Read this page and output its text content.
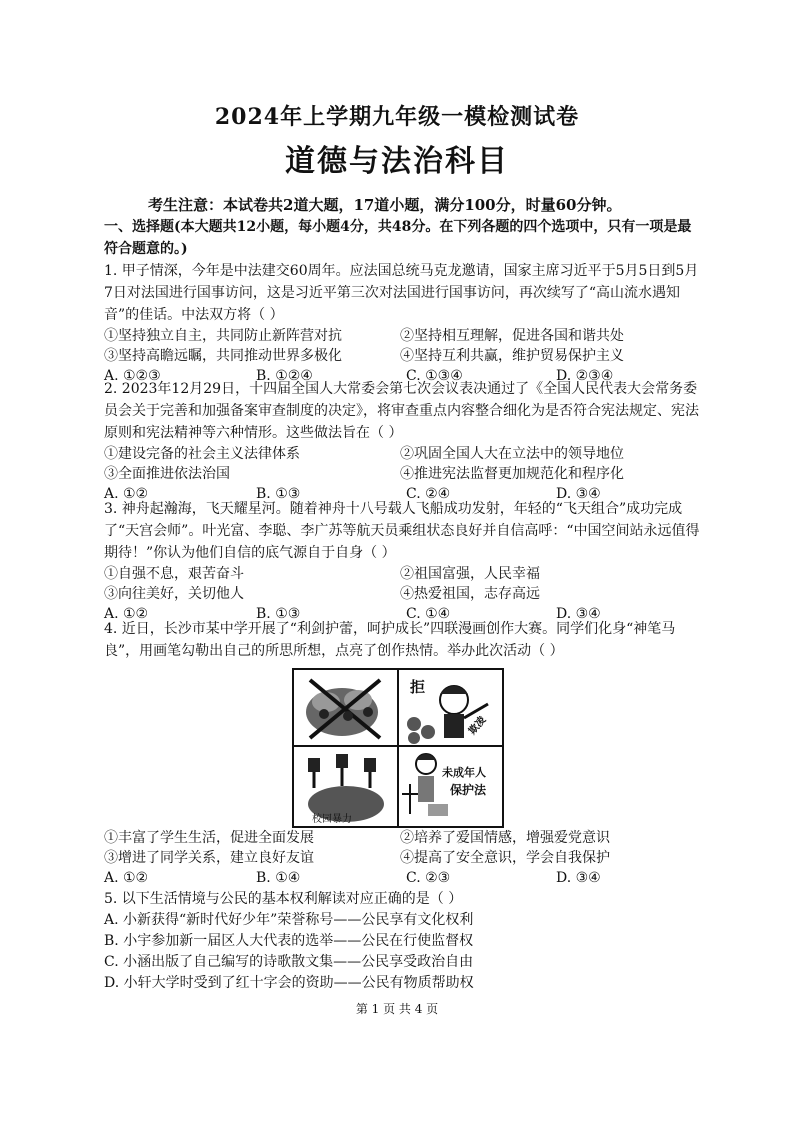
2024年上学期九年级一模检测试卷
道德与法治科目
考生注意：本试卷共2道大题，17道小题，满分100分，时量60分钟。
一、选择题(本大题共12小题，每小题4分，共48分。在下列各题的四个选项中，只有一项是最符合题意的。)
1. 甲子情深，今年是中法建交60周年。应法国总统马克龙邀请，国家主席习近平于5月5日到5月7日对法国进行国事访问，这是习近平第三次对法国进行国事访问，再次续写了“高山流水遇知音”的佳话。中法双方将（ ）
①坚持独立自主，共同防止新阵营对抗	②坚持相互理解，促进各国和谐共处
③坚持高瞻远瞩，共同推动世界多极化	④坚持互利共赢，维护贸易保护主义
A. ①②③	B. ①②④	C. ①③④	D. ②③④
2. 2023年12月29日，十四届全国人大常委会第七次会议表决通过了《全国人民代表大会常务委员会关于完善和加强备案审查制度的决定》，将审查重点内容整合细化为是否符合宪法规定、宪法原则和宪法精神等六种情形。这些做法旨在（ ）
①建设完备的社会主义法律体系	②巩固全国人大在立法中的领导地位
③全面推进依法治国	④推进宪法监督更加规范化和程序化
A. ①②	B. ①③	C. ②④	D. ③④
3. 神舟起瀚海，飞天耀星河。随着神舟十八号载人飞船成功发射，年轻的“飞天组合”成功完成了“天宫会师”。叶光富、李聪、李广苏等航天员乘组状态良好并自信高呼：“中国空间站永远值得期待！”你认为他们自信的底气源自于自身（ ）
①自强不息，艰苦奋斗	②祖国富强，人民幸福
③向往美好，关切他人	④热爱祖国，志存高远
A. ①②	B. ①③	C. ①④	D. ③④
4. 近日，长沙市某中学开展了“利剑护蕾，呵护成长”四联漫画创作大赛。同学们化身“神笔马良”，用画笔勾勒出自己的所思所想，点亮了创作热情。举办此次活动（ ）
拒
欺凌
校园暴力
未成年人
保护法
①丰富了学生生活，促进全面发展	②培养了爱国情感，增强爱党意识
③增进了同学关系，建立良好友谊	④提高了安全意识，学会自我保护
A. ①②	B. ①④	C. ②③	D. ③④
5. 以下生活情境与公民的基本权利解读对应正确的是（ ）
A. 小新获得“新时代好少年”荣誉称号——公民享有文化权利
B. 小宇参加新一届区人大代表的选举——公民在行使监督权
C. 小涵出版了自己编写的诗歌散文集——公民享受政治自由
D. 小轩大学时受到了红十字会的资助——公民有物质帮助权
第 1 页 共 4 页
